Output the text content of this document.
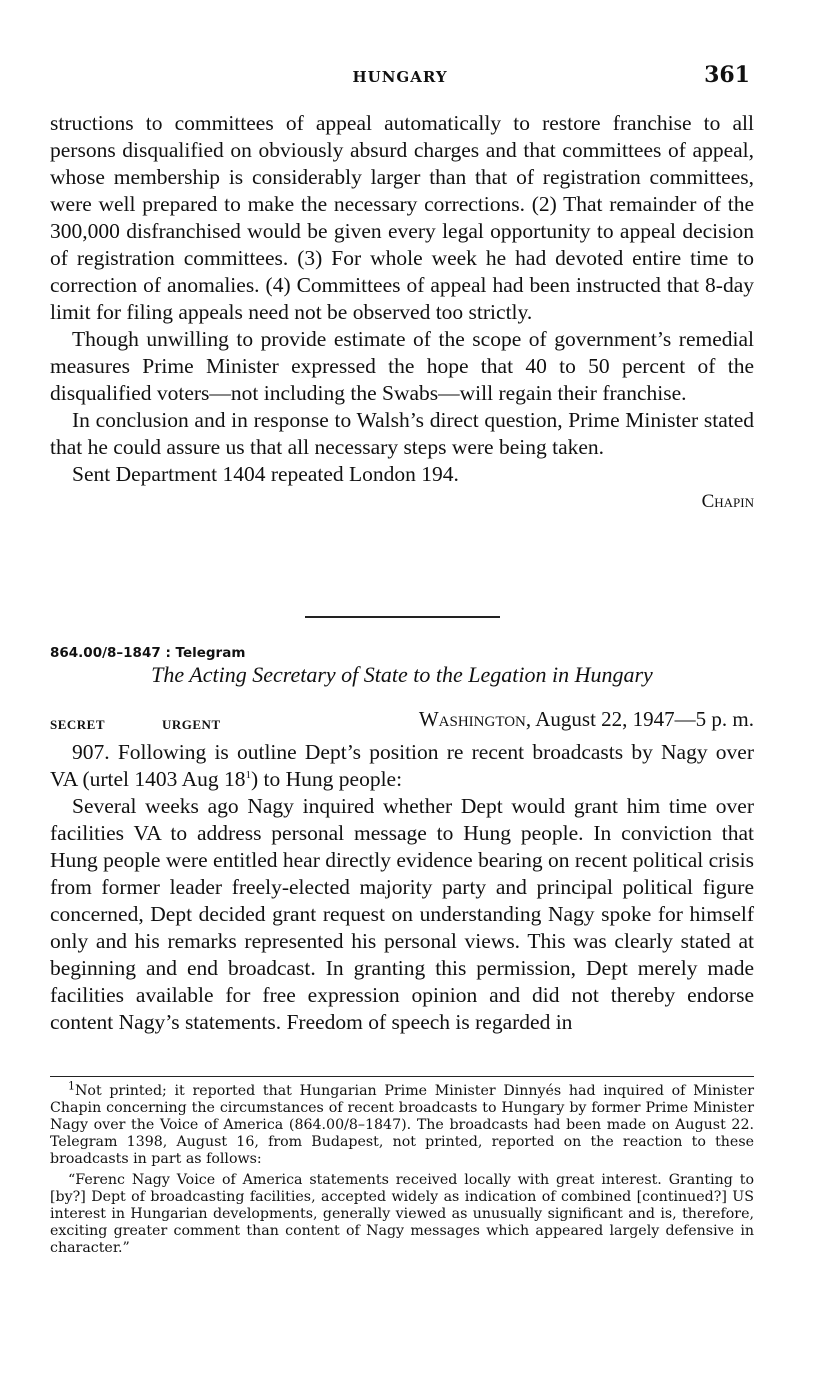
HUNGARY	361

structions to committees of appeal automatically to restore franchise to all persons disqualified on obviously absurd charges and that committees of appeal, whose membership is considerably larger than that of registration committees, were well prepared to make the necessary corrections. (2) That remainder of the 300,000 disfranchised would be given every legal opportunity to appeal decision of registration committees. (3) For whole week he had devoted entire time to correction of anomalies. (4) Committees of appeal had been instructed that 8-day limit for filing appeals need not be observed too strictly.

Though unwilling to provide estimate of the scope of government’s remedial measures Prime Minister expressed the hope that 40 to 50 percent of the disqualified voters—not including the Swabs—will regain their franchise.

In conclusion and in response to Walsh’s direct question, Prime Minister stated that he could assure us that all necessary steps were being taken.

Sent Department 1404 repeated London 194.

Chapin

864.00/8–1847 : Telegram
The Acting Secretary of State to the Legation in Hungary
SECRET	URGENT	Washington, August 22, 1947—5 p. m.

907. Following is outline Dept’s position re recent broadcasts by Nagy over VA (urtel 1403 Aug $18^1$) to Hung people:

Several weeks ago Nagy inquired whether Dept would grant him time over facilities VA to address personal message to Hung people. In conviction that Hung people were entitled hear directly evidence bearing on recent political crisis from former leader freely-elected majority party and principal political figure concerned, Dept decided grant request on understanding Nagy spoke for himself only and his remarks represented his personal views. This was clearly stated at beginning and end broadcast. In granting this permission, Dept merely made facilities available for free expression opinion and did not thereby endorse content Nagy’s statements. Freedom of speech is regarded in

$^1$Not printed; it reported that Hungarian Prime Minister Dinnyés had inquired of Minister Chapin concerning the circumstances of recent broadcasts to Hungary by former Prime Minister Nagy over the Voice of America (864.00/8–1847). The broadcasts had been made on August 22. Telegram 1398, August 16, from Budapest, not printed, reported on the reaction to these broadcasts in part as follows:

“Ferenc Nagy Voice of America statements received locally with great interest. Granting to [by?] Dept of broadcasting facilities, accepted widely as indication of combined [continued?] US interest in Hungarian developments, generally viewed as unusually significant and is, therefore, exciting greater comment than content of Nagy messages which appeared largely defensive in character.”
